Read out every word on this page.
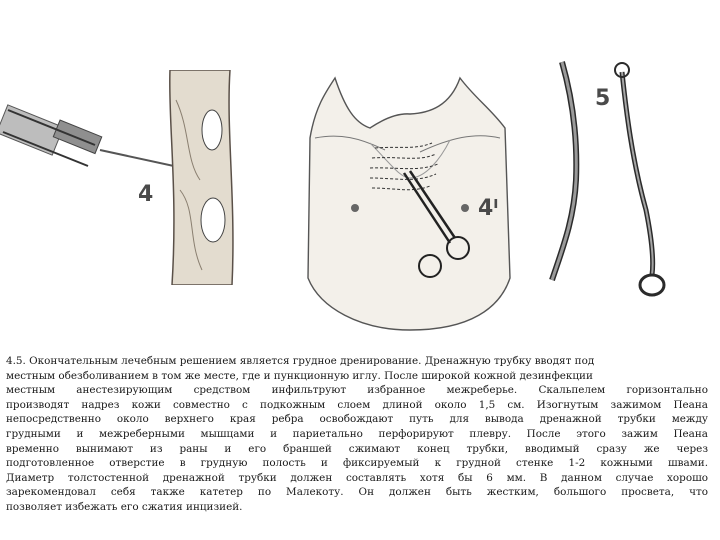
4
4ᴵ
5

4.5. Окончательным лечебным решением является грудное дренирование. Дренажную трубку вводят под
местным обезболиванием в том же месте, где и пункционную иглу. После широкой кожной дезинфекции
местным анестезирующим средством инфильтруют избранное межреберье. Скальпелем горизонтально
производят надрез кожи совместно с подкожным слоем длиной около 1,5 см. Изогнутым зажимом Пеана
непосредственно около верхнего края ребра освобождают путь для вывода дренажной трубки между
грудными и межреберными мышцами и париетально перфорируют плевру. После этого зажим Пеана
временно вынимают из раны и его браншей сжимают конец трубки, вводимый сразу же через
подготовленное отверстие в грудную полость и фиксируемый к грудной стенке 1-2 кожными швами.
Диаметр толстостенной дренажной трубки должен составлять хотя бы 6 мм. В данном случае хорошо
зарекомендовал себя также катетер по Малекоту. Он должен быть жестким, большого просвета, что
позволяет избежать его сжатия инцизией.
